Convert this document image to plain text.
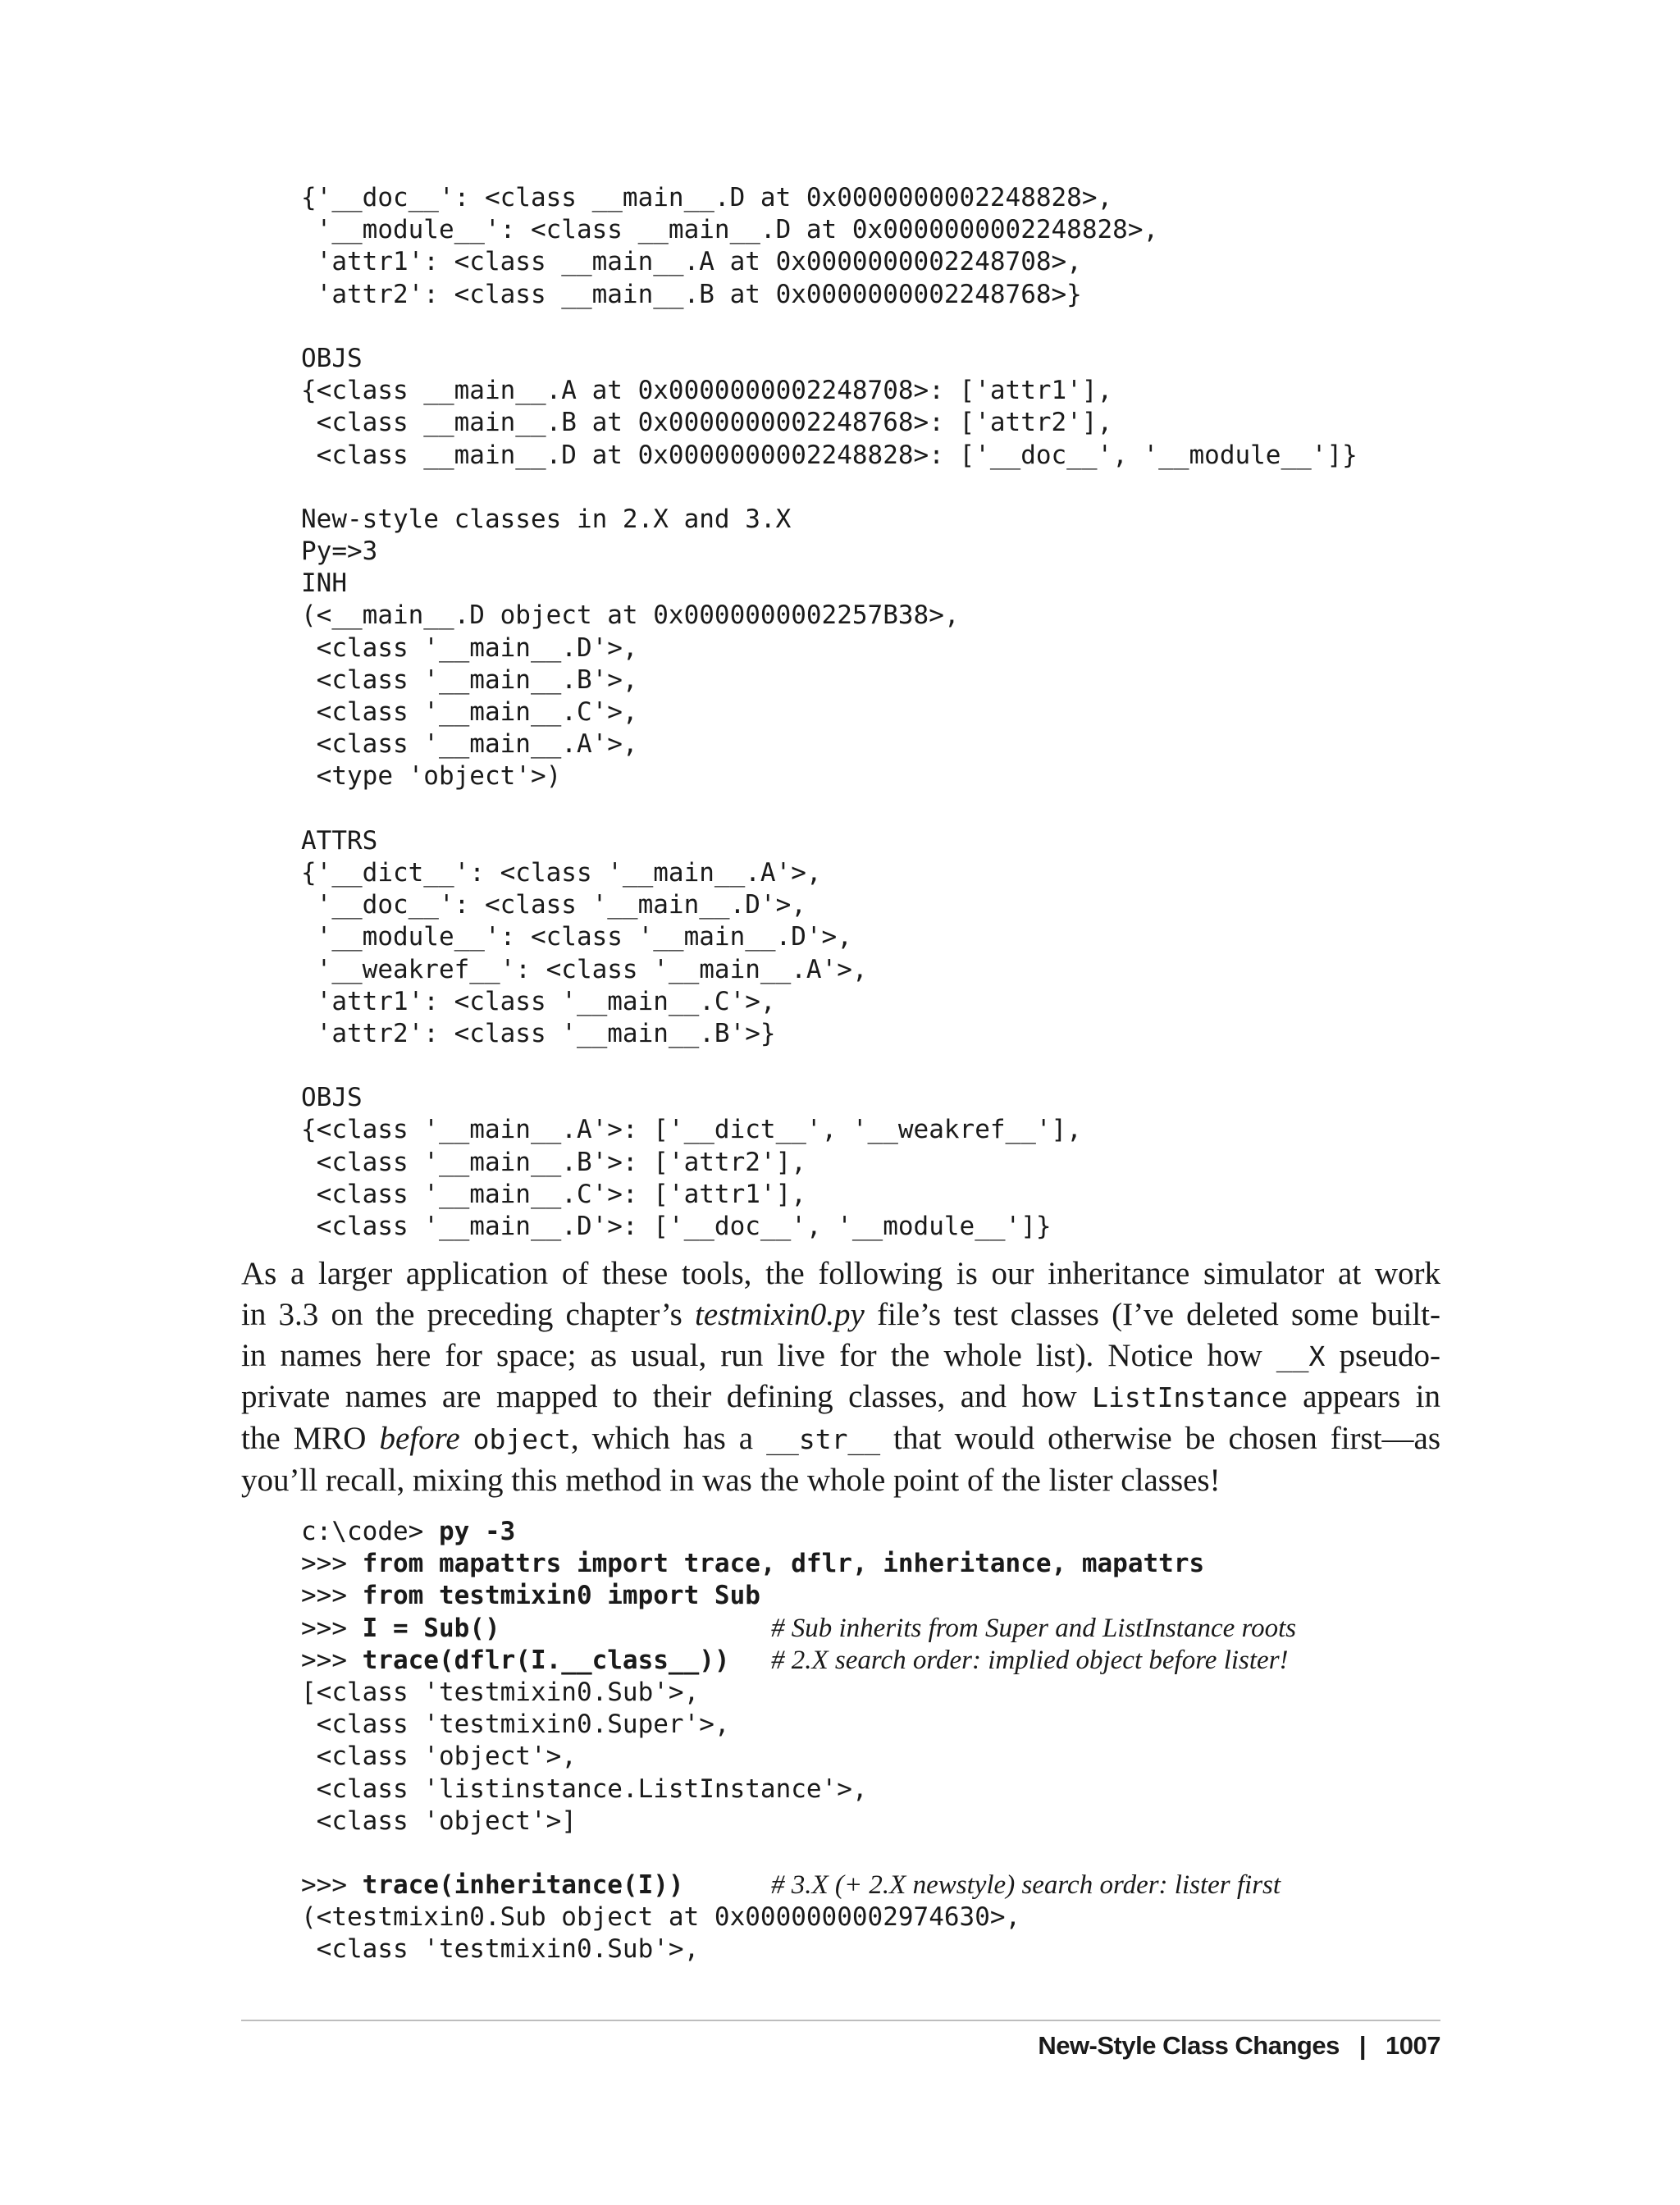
{'__doc__': <class __main__.D at 0x0000000002248828>,
'__module__': <class __main__.D at 0x0000000002248828>,
'attr1': <class __main__.A at 0x0000000002248708>,
'attr2': <class __main__.B at 0x0000000002248768>}
OBJS
{<class __main__.A at 0x0000000002248708>: ['attr1'],
<class __main__.B at 0x0000000002248768>: ['attr2'],
<class __main__.D at 0x0000000002248828>: ['__doc__', '__module__']}
New-style classes in 2.X and 3.X
Py=>3
INH
(<__main__.D object at 0x0000000002257B38>,
<class '__main__.D'>,
<class '__main__.B'>,
<class '__main__.C'>,
<class '__main__.A'>,
<type 'object'>)
ATTRS
{'__dict__': <class '__main__.A'>,
'__doc__': <class '__main__.D'>,
'__module__': <class '__main__.D'>,
'__weakref__': <class '__main__.A'>,
'attr1': <class '__main__.C'>,
'attr2': <class '__main__.B'>}
OBJS
{<class '__main__.A'>: ['__dict__', '__weakref__'],
<class '__main__.B'>: ['attr2'],
<class '__main__.C'>: ['attr1'],
<class '__main__.D'>: ['__doc__', '__module__']}
As a larger application of these tools, the following is our inheritance simulator at work
in 3.3 on the preceding chapter’s testmixin0.py file’s test classes (I’ve deleted some built-
in names here for space; as usual, run live for the whole list). Notice how __X pseudo-
private names are mapped to their defining classes, and how ListInstance appears in
the MRO before object, which has a __str__ that would otherwise be chosen first—as
you’ll recall, mixing this method in was the whole point of the lister classes!
c:\code> py -3
>>> from mapattrs import trace, dflr, inheritance, mapattrs
>>> from testmixin0 import Sub
>>> I = Sub()	# Sub inherits from Super and ListInstance roots
>>> trace(dflr(I.__class__)) # 2.X search order: implied object before lister!
[<class 'testmixin0.Sub'>,
<class 'testmixin0.Super'>,
<class 'object'>,
<class 'listinstance.ListInstance'>,
<class 'object'>]
>>> trace(inheritance(I))	# 3.X (+ 2.X newstyle) search order: lister first
(<testmixin0.Sub object at 0x0000000002974630>,
<class 'testmixin0.Sub'>,
New-Style Class Changes | 1007
